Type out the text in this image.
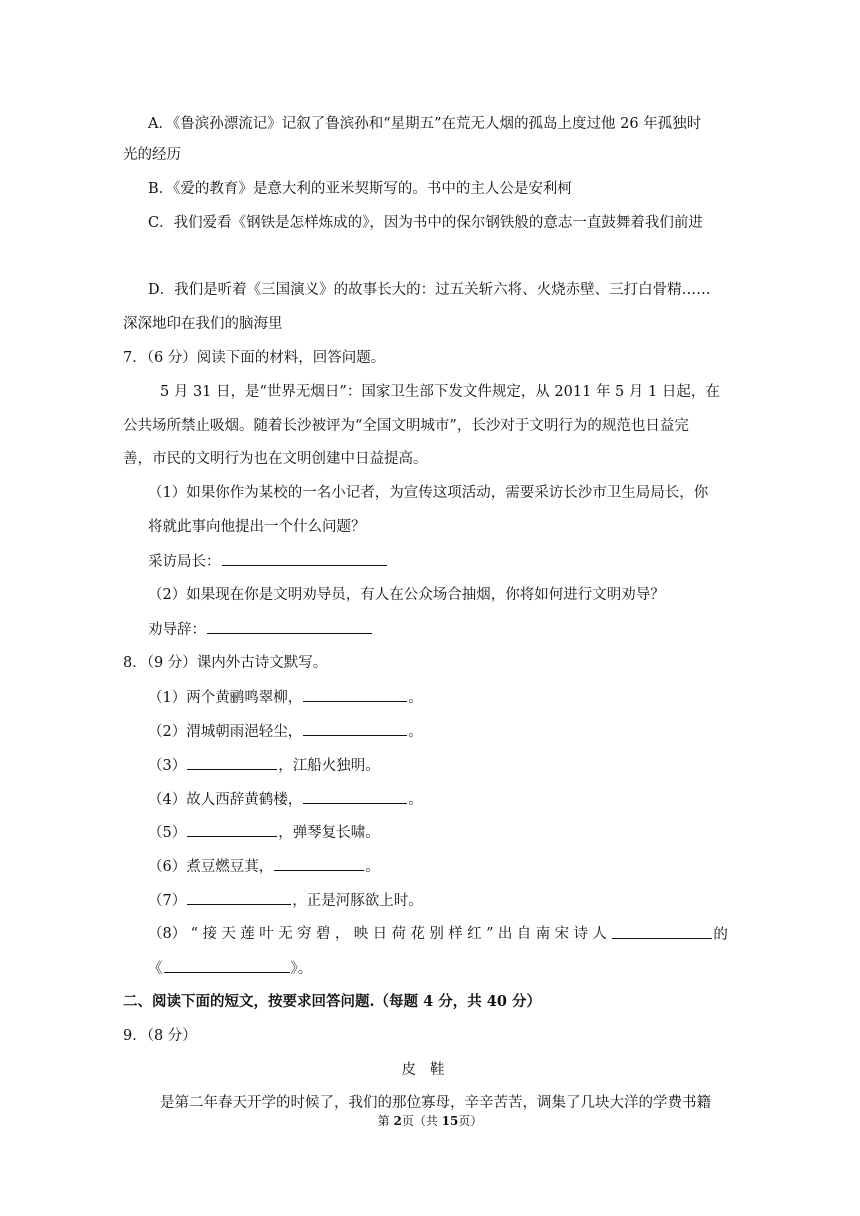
A．《鲁滨孙漂流记》记叙了鲁滨孙和“星期五”在荒无人烟的孤岛上度过他 26 年孤独时
光的经历
B．《爱的教育》是意大利的亚米契斯写的。书中的主人公是安利柯
C．我们爱看《钢铁是怎样炼成的》，因为书中的保尔钢铁般的意志一直鼓舞着我们前进
D．我们是听着《三国演义》的故事长大的：过五关斩六将、火烧赤壁、三打白骨精……
深深地印在我们的脑海里
7．（6 分）阅读下面的材料，回答问题。
5 月 31 日，是“世界无烟日”：国家卫生部下发文件规定，从 2011 年 5 月 1 日起，在
公共场所禁止吸烟。随着长沙被评为“全国文明城市”，长沙对于文明行为的规范也日益完
善，市民的文明行为也在文明创建中日益提高。
（1）如果你作为某校的一名小记者，为宣传这项活动，需要采访长沙市卫生局局长，你
将就此事向他提出一个什么问题？
采访局长：
（2）如果现在你是文明劝导员，有人在公众场合抽烟，你将如何进行文明劝导？
劝导辞：
8．（9 分）课内外古诗文默写。
（1）两个黄鹂鸣翠柳，	。
（2）渭城朝雨浥轻尘，	。
（3）	，江船火独明。
（4）故人西辞黄鹤楼，	。
（5）	，弹琴复长啸。
（6）煮豆燃豆萁，	。
（7）	，正是河豚欲上时。
（8） “ 接 天 莲 叶 无 穷 碧 ， 映 日 荷 花 别 样 红 ” 出 自 南 宋 诗 人	的
《	》。
二、阅读下面的短文，按要求回答问题.（每题 4 分，共 40 分）
9．（8 分）
皮鞋
是第二年春天开学的时候了，我们的那位寡母，辛辛苦苦，调集了几块大洋的学费书籍
第 2页（共 15页）
